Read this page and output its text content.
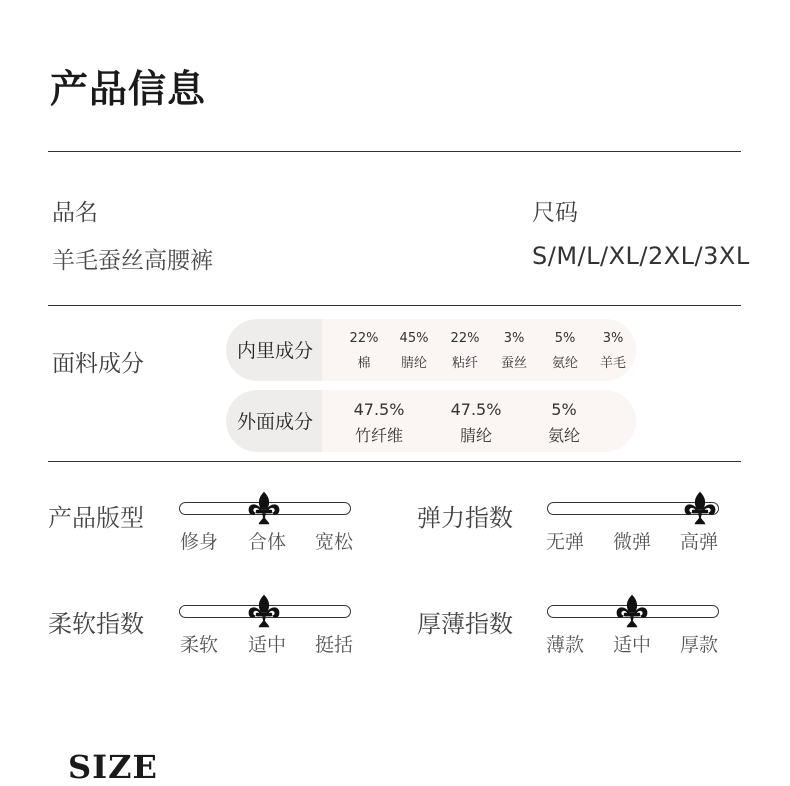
产品信息
品名
羊毛蚕丝高腰裤
尺码
S/M/L/XL/2XL/3XL
面料成分	内里成分
22%
棉
45%
腈纶
22%
粘纤
3%
蚕丝
5%
氨纶
3%
羊毛
外面成分
47.5%
竹纤维
47.5%
腈纶
5%
氨纶
产品版型
修身 合体 宽松
弹力指数
无弹 微弹 高弹
柔软指数
柔软 适中 挺括
厚薄指数
薄款 适中 厚款
SIZE
